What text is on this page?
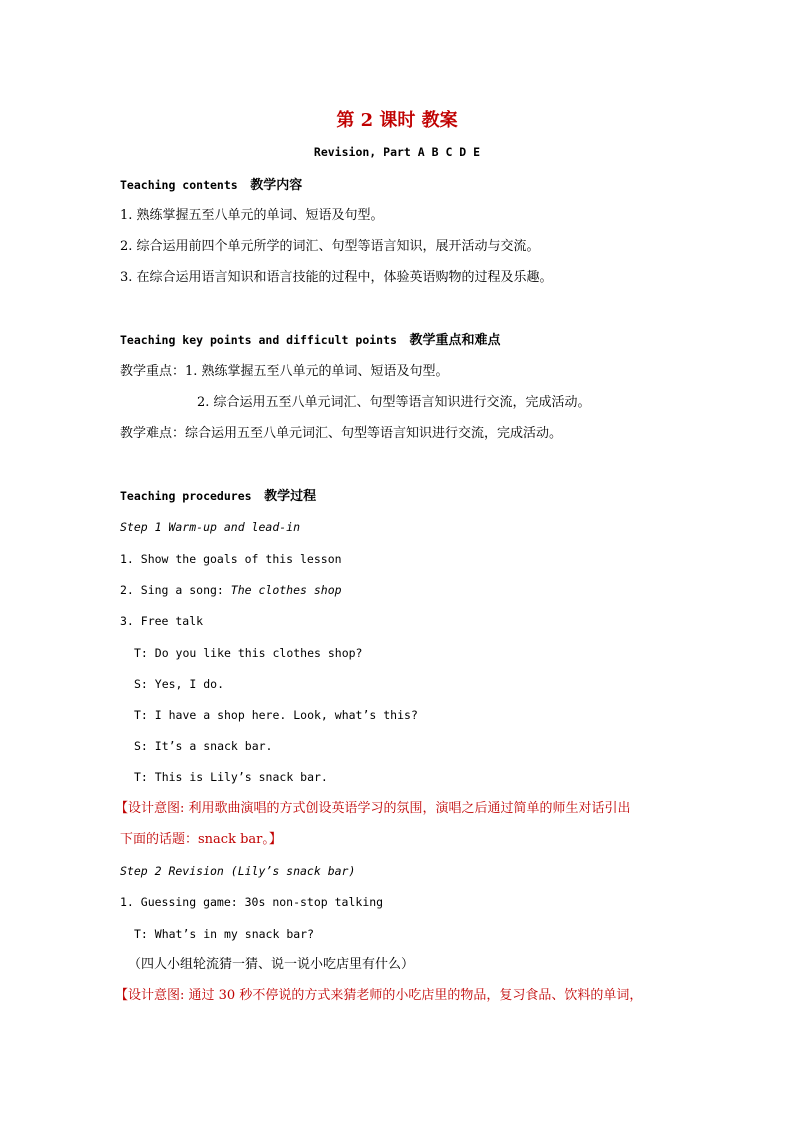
第 2 课时 教案
Revision, Part A B C D E
Teaching contents 教学内容
1. 熟练掌握五至八单元的单词、短语及句型。
2. 综合运用前四个单元所学的词汇、句型等语言知识，展开活动与交流。
3. 在综合运用语言知识和语言技能的过程中，体验英语购物的过程及乐趣。
Teaching key points and difficult points 教学重点和难点
教学重点：1. 熟练掌握五至八单元的单词、短语及句型。
2. 综合运用五至八单元词汇、句型等语言知识进行交流，完成活动。
教学难点：综合运用五至八单元词汇、句型等语言知识进行交流，完成活动。
Teaching procedures 教学过程
Step 1 Warm-up and lead-in
1. Show the goals of this lesson
2. Sing a song: The clothes shop
3. Free talk
T: Do you like this clothes shop?
S: Yes, I do.
T: I have a shop here. Look, what’s this?
S: It’s a snack bar.
T: This is Lily’s snack bar.
【设计意图: 利用歌曲演唱的方式创设英语学习的氛围，演唱之后通过简单的师生对话引出
下面的话题：snack bar。】
Step 2 Revision (Lily’s snack bar)
1. Guessing game: 30s non-stop talking
T: What’s in my snack bar?
（四人小组轮流猜一猜、说一说小吃店里有什么）
【设计意图: 通过 30 秒不停说的方式来猜老师的小吃店里的物品，复习食品、饮料的单词，
